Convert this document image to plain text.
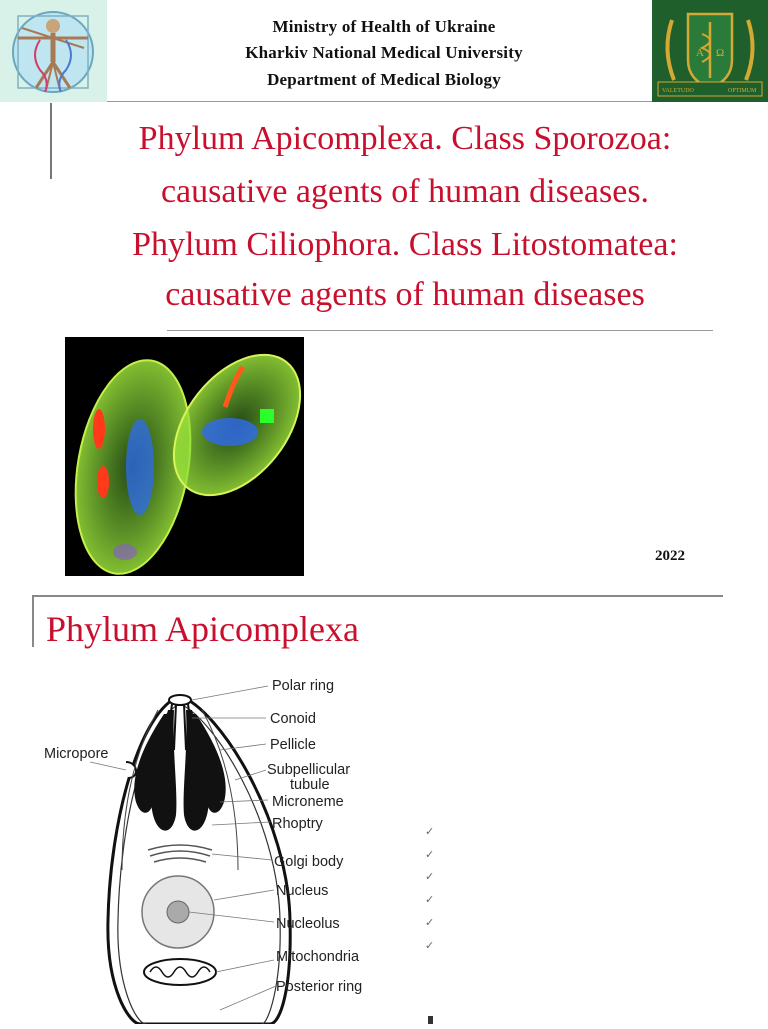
Ministry of Health of Ukraine
Kharkiv National Medical University
Department of Medical Biology
A Ω
VALETUDO	OPTIMUM
Phylum Apicomplexa. Class Sporozoa:
causative agents of human diseases.
Phylum Ciliophora. Class Litostomatea:
causative agents of human diseases
2022
Phylum Apicomplexa
Micropore
Polar ring
Conoid
Pellicle
Subpellicular
tubule
Microneme
Rhoptry
Golgi body
Nucleus
Nucleolus
Mitochondria
Posterior ring
✓
✓
✓
✓
✓
✓
